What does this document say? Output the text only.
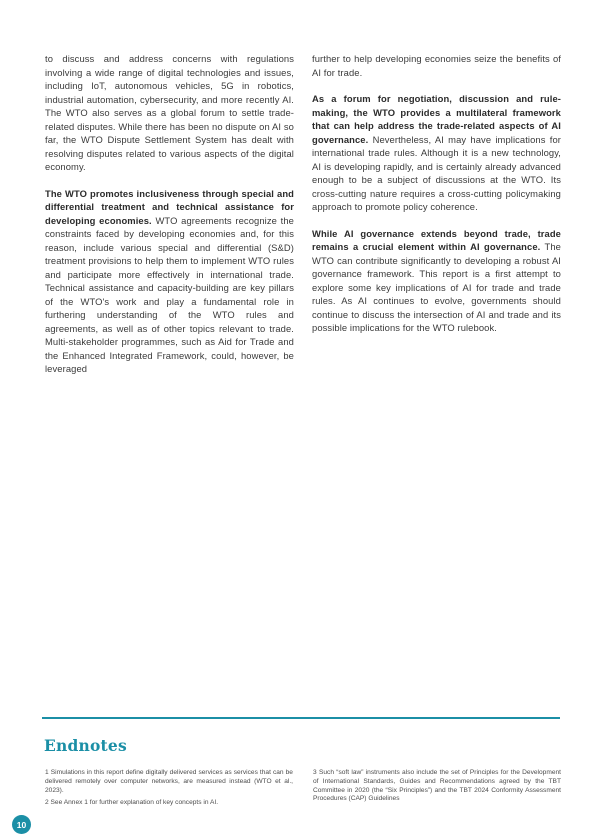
to discuss and address concerns with regulations involving a wide range of digital technologies and issues, including IoT, autonomous vehicles, 5G in robotics, industrial automation, cybersecurity, and more recently AI. The WTO also serves as a global forum to settle trade-related disputes. While there has been no dispute on AI so far, the WTO Dispute Settlement System has dealt with resolving disputes related to various aspects of the digital economy.

The WTO promotes inclusiveness through special and differential treatment and technical assistance for developing economies. WTO agreements recognize the constraints faced by developing economies and, for this reason, include various special and differential (S&D) treatment provisions to help them to implement WTO rules and participate more effectively in international trade. Technical assistance and capacity-building are key pillars of the WTO's work and play a fundamental role in furthering understanding of the WTO rules and agreements, as well as of other topics relevant to trade. Multi-stakeholder programmes, such as Aid for Trade and the Enhanced Integrated Framework, could, however, be leveraged

further to help developing economies seize the benefits of AI for trade.

As a forum for negotiation, discussion and rule-making, the WTO provides a multilateral framework that can help address the trade-related aspects of AI governance. Nevertheless, AI may have implications for international trade rules. Although it is a new technology, AI is developing rapidly, and is certainly already advanced enough to be a subject of discussions at the WTO. Its cross-cutting nature requires a cross-cutting policymaking approach to promote policy coherence.

While AI governance extends beyond trade, trade remains a crucial element within AI governance. The WTO can contribute significantly to developing a robust AI governance framework. This report is a first attempt to explore some key implications of AI for trade and trade rules. As AI continues to evolve, governments should continue to discuss the intersection of AI and trade and its possible implications for the WTO rulebook.

Endnotes

1 Simulations in this report define digitally delivered services as services that can be delivered remotely over computer networks, are measured instead (WTO et al., 2023).

2 See Annex 1 for further explanation of key concepts in AI.

3 Such “soft law” instruments also include the set of Principles for the Development of International Standards, Guides and Recommendations agreed by the TBT Committee in 2020 (the “Six Principles”) and the TBT 2024 Conformity Assessment Procedures (CAP) Guidelines

10
